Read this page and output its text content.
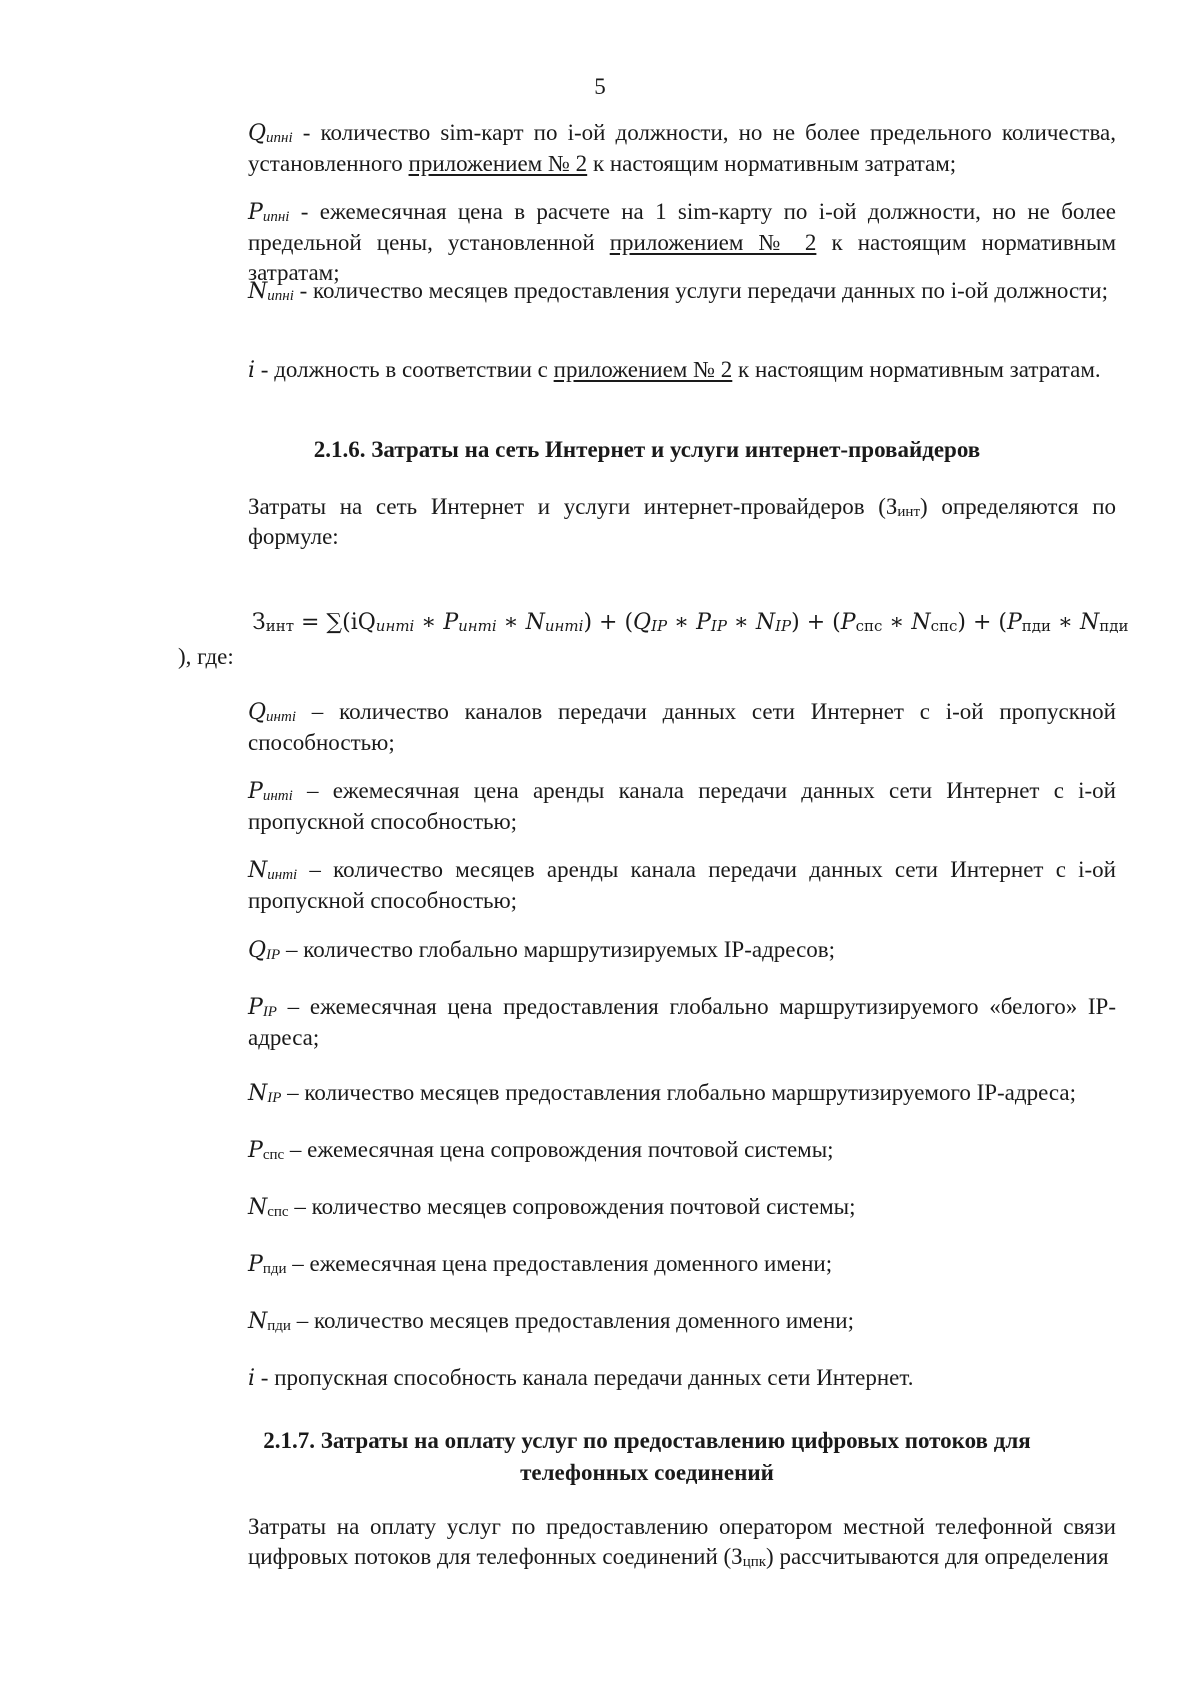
5
$Q_{ипнi}$ - количество sim-карт по i-ой должности, но не более предельного количества, установленного приложением № 2 к настоящим нормативным затратам;
$P_{ипнi}$ - ежемесячная цена в расчете на 1 sim-карту по i-ой должности, но не более предельной цены, установленной приложением № 2 к настоящим нормативным затратам;
$N_{ипнi}$ - количество месяцев предоставления услуги передачи данных по i-ой должности;
i - должность в соответствии с приложением № 2 к настоящим нормативным затратам.
2.1.6. Затраты на сеть Интернет и услуги интернет-провайдеров
Затраты на сеть Интернет и услуги интернет-провайдеров $(З_{инт})$ определяются по формуле:
$З_{инт} = \sum(iQ_{интi}$ ∗ $P_{интi}$ ∗ $N_{интi}) + (Q_{IP}$ ∗ $P_{IP}$ ∗ $N_{IP}) + (P_{спс}$ ∗ $N_{спс}) + (P_{пди}$ ∗ $N_{пди}$
), где:
$Q_{интi}$ – количество каналов передачи данных сети Интернет с i-ой пропускной способностью;
$P_{интi}$ – ежемесячная цена аренды канала передачи данных сети Интернет с i-ой пропускной способностью;
$N_{интi}$ – количество месяцев аренды канала передачи данных сети Интернет с i-ой пропускной способностью;
$Q_{IP}$ – количество глобально маршрутизируемых IP-адресов;
$P_{IP}$ – ежемесячная цена предоставления глобально маршрутизируемого «белого» IP-адреса;
$N_{IP}$ – количество месяцев предоставления глобально маршрутизируемого IP-адреса;
$P_{спс}$ – ежемесячная цена сопровождения почтовой системы;
$N_{спс}$ – количество месяцев сопровождения почтовой системы;
$P_{пди}$ – ежемесячная цена предоставления доменного имени;
$N_{пди}$ – количество месяцев предоставления доменного имени;
i - пропускная способность канала передачи данных сети Интернет.
2.1.7. Затраты на оплату услуг по предоставлению цифровых потоков для
телефонных соединений
Затраты на оплату услуг по предоставлению оператором местной телефонной связи цифровых потоков для телефонных соединений $(З_{цпк})$ рассчитываются для определения
